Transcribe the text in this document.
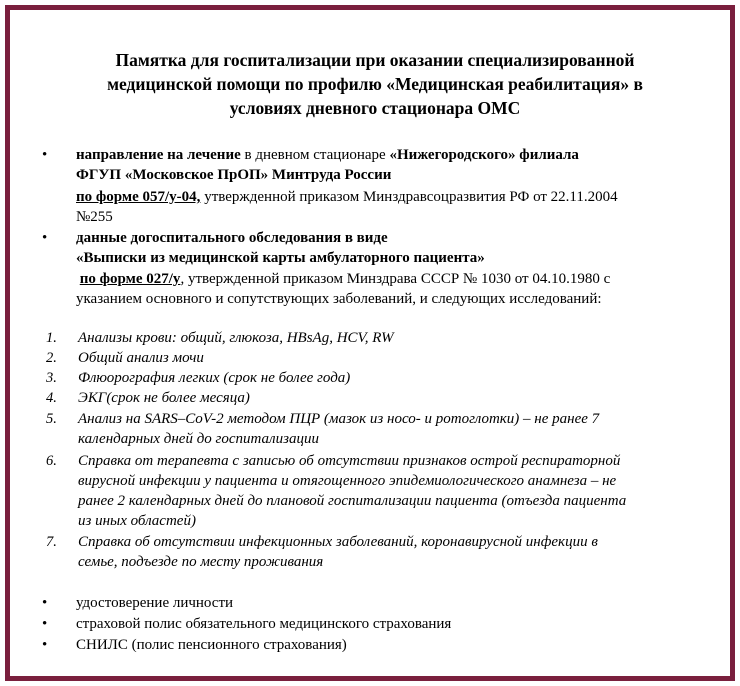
Памятка для госпитализации при оказании специализированной
медицинской помощи по профилю «Медицинская реабилитация» в
условиях дневного стационара ОМС
• направление на лечение в дневном стационаре «Нижегородского» филиала
ФГУП «Московское ПрОП» Минтруда России
по форме 057/у-04, утвержденной приказом Минздравсоцразвития РФ от 22.11.2004
№255
• данные догоспитального обследования в виде
«Выписки из медицинской карты амбулаторного пациента»
по форме 027/у, утвержденной приказом Минздрава СССР № 1030 от 04.10.1980 с
указанием основного и сопутствующих заболеваний, и следующих исследований:
1.	Анализы крови: общий, глюкоза, HBsAg, HCV, RW
2.	Общий анализ мочи
3.	Флюорография легких (срок не более года)
4.	ЭКГ(срок не более месяца)
5.	Анализ на SARS–CoV-2 методом ПЦР (мазок из носо- и ротоглотки) – не ранее 7
календарных дней до госпитализации
6.	Справка от терапевта с записью об отсутствии признаков острой респираторной
вирусной инфекции у пациента и отягощенного эпидемиологического анамнеза – не
ранее 2 календарных дней до плановой госпитализации пациента (отъезда пациента
из иных областей)
7.	Справка об отсутствии инфекционных заболеваний, коронавирусной инфекции в
семье, подъезде по месту проживания
• удостоверение личности
• страховой полис обязательного медицинского страхования
• СНИЛС (полис пенсионного страхования)
